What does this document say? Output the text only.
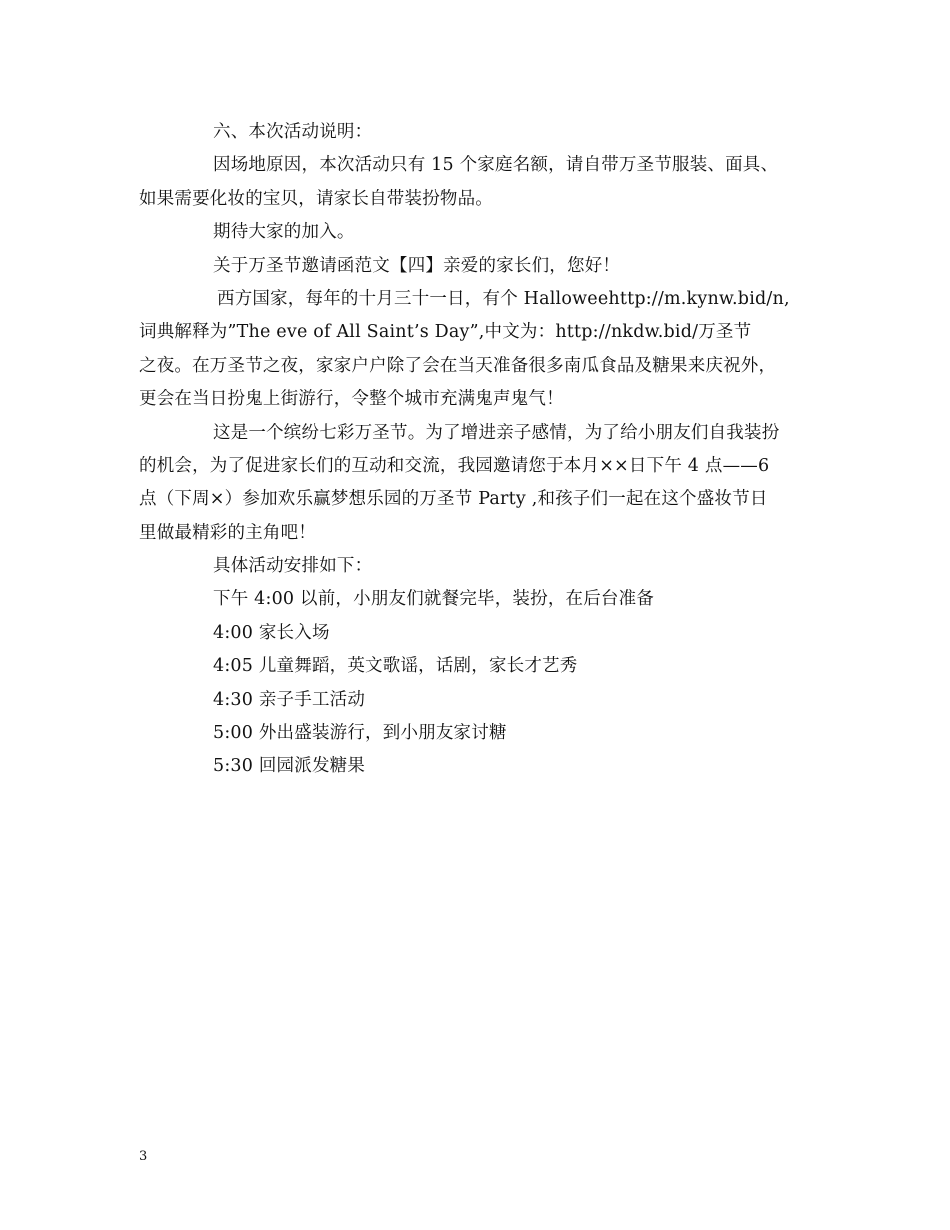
六、本次活动说明：
因场地原因，本次活动只有 15 个家庭名额，请自带万圣节服装、面具、
如果需要化妆的宝贝，请家长自带装扮物品。
期待大家的加入。
关于万圣节邀请函范文【四】亲爱的家长们，您好！
西方国家，每年的十月三十一日，有个 Halloweehttp://m.kynw.bid/n,
词典解释为”The eve of All Saint’s Day”,中文为：http://nkdw.bid/万圣节
之夜。在万圣节之夜，家家户户除了会在当天准备很多南瓜食品及糖果来庆祝外，
更会在当日扮鬼上街游行，令整个城市充满鬼声鬼气！
这是一个缤纷七彩万圣节。为了增进亲子感情，为了给小朋友们自我装扮
的机会，为了促进家长们的互动和交流，我园邀请您于本月××日下午 4 点——6
点（下周×）参加欢乐赢梦想乐园的万圣节 Party ,和孩子们一起在这个盛妆节日
里做最精彩的主角吧！
具体活动安排如下：
下午 4:00 以前，小朋友们就餐完毕，装扮，在后台准备
4:00 家长入场
4:05 儿童舞蹈，英文歌谣，话剧，家长才艺秀
4:30 亲子手工活动
5:00 外出盛装游行，到小朋友家讨糖
5:30 回园派发糖果
3
